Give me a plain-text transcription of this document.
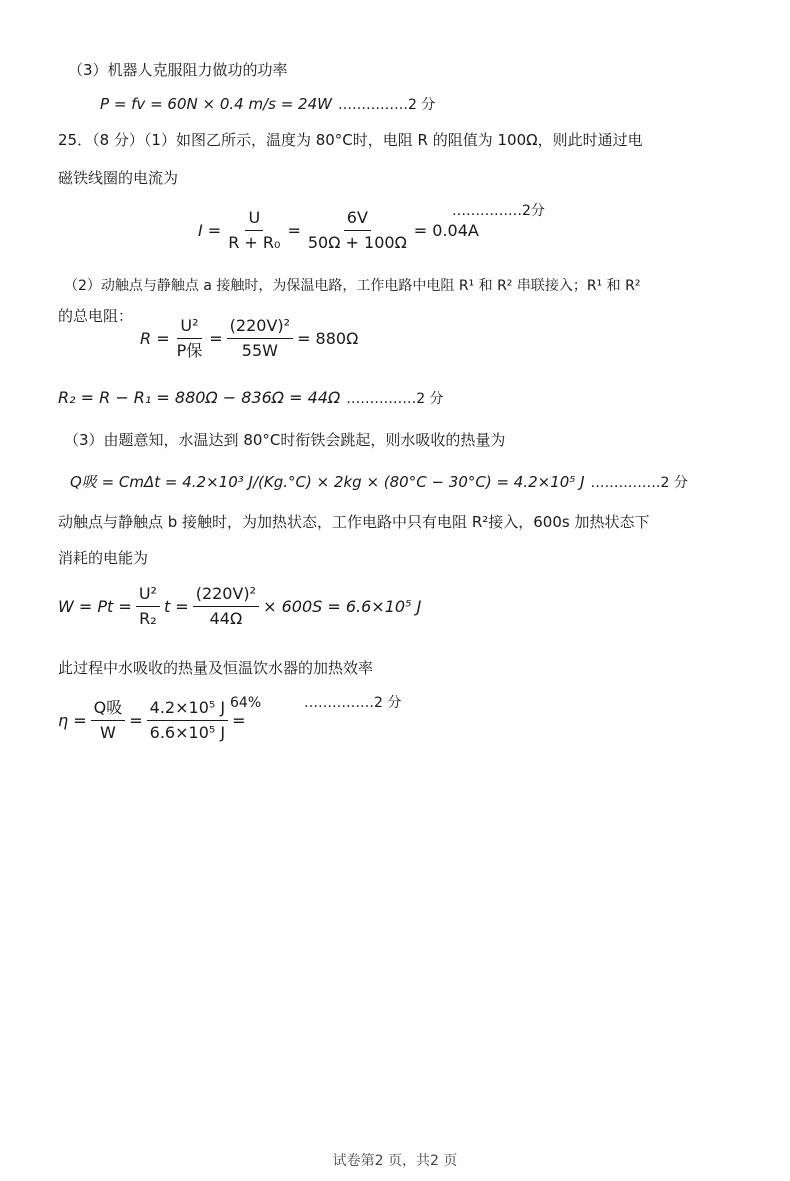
（3）机器人克服阻力做功的功率
P = fv = 60N × 0.4 m/s = 24W ……………2 分
25．（8 分）（1）如图乙所示，温度为 80°C时，电阻 R 的阻值为 100Ω，则此时通过电
磁铁线圈的电流为
$I = \frac{U}{\text{R + R₀}} = \frac{6V}{50\Omega + 100\Omega} = 0.04A$
……………2分
（2）动触点与静触点 a 接触时，为保温电路，工作电路中电阻 R¹ 和 R² 串联接入；R¹ 和 R²
的总电阻：
$R = \frac{\text{U²}}{\text{P保}} = \frac{\text{(220V)²}}{55W} = 880\Omega$
R₂ = R − R₁ = 880Ω − 836Ω = 44Ω ……………2 分
（3）由题意知，水温达到 80°C时衔铁会跳起，则水吸收的热量为
Q吸 = CmΔt = 4.2×10³ J/(Kg.°C) × 2kg × (80°C − 30°C) = 4.2×10⁵ J ……………2 分
动触点与静触点 b 接触时，为加热状态，工作电路中只有电阻 R²接入，600s 加热状态下
消耗的电能为
$W = Pt = \frac{\text{U²}}{\text{R₂}}$ $t = \frac{\text{(220V)²}}{44\Omega} \times 600S = 6.6\times 10^5$ J
此过程中水吸收的热量及恒温饮水器的加热效率
$\eta = \frac{\text{Q吸}}{W} = \frac{\text{4.2×10⁵ J}}{\text{6.6×10⁵ J}}$ =
64%	……………2 分
试卷第2 页，共2 页
